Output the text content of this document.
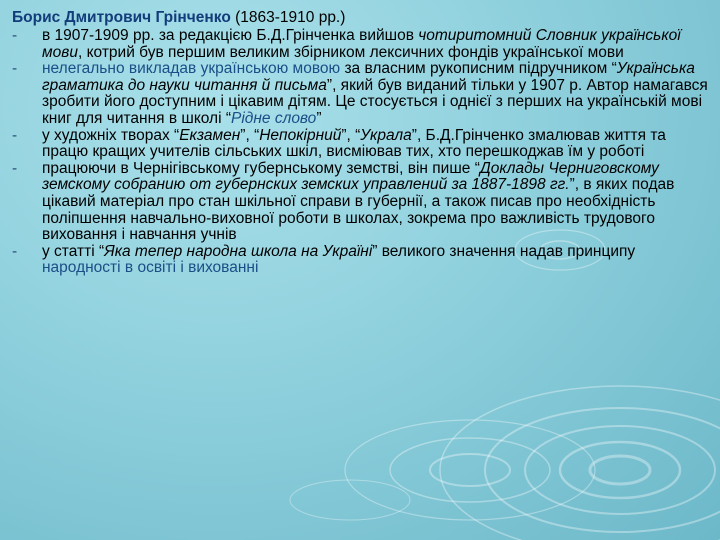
Борис Дмитрович Грінченко (1863-1910 рр.)
- в 1907-1909 рр. за редакцією Б.Д.Грінченка вийшов чотиритомний Словник української мови, котрий був першим великим збірником лексичних фондів української мови
- нелегально викладав українською мовою за власним рукописним підручником “Українська граматика до науки читання й письма”, який був виданий тільки у 1907 р. Автор намагався зробити його доступним і цікавим дітям. Це стосується і однієї з перших на українській мові книг для читання в школі “Рідне слово”
- у художніх творах “Екзамен”, “Непокірний”, “Украла”, Б.Д.Грінченко змалював життя та працю кращих учителів сільських шкіл, висміював тих, хто перешкоджав їм у роботі
- працюючи в Чернігівському губернському земстві, він пише “Доклады Черниговскому земскому собранию от губернских земских управлений за 1887-1898 гг.”, в яких подав цікавий матеріал про стан шкільної справи в губернії, а також писав про необхідність поліпшення навчально-виховної роботи в школах, зокрема про важливість трудового виховання і навчання учнів
- у статті “Яка тепер народна школа на Україні” великого значення надав принципу народності в освіті і вихованні
